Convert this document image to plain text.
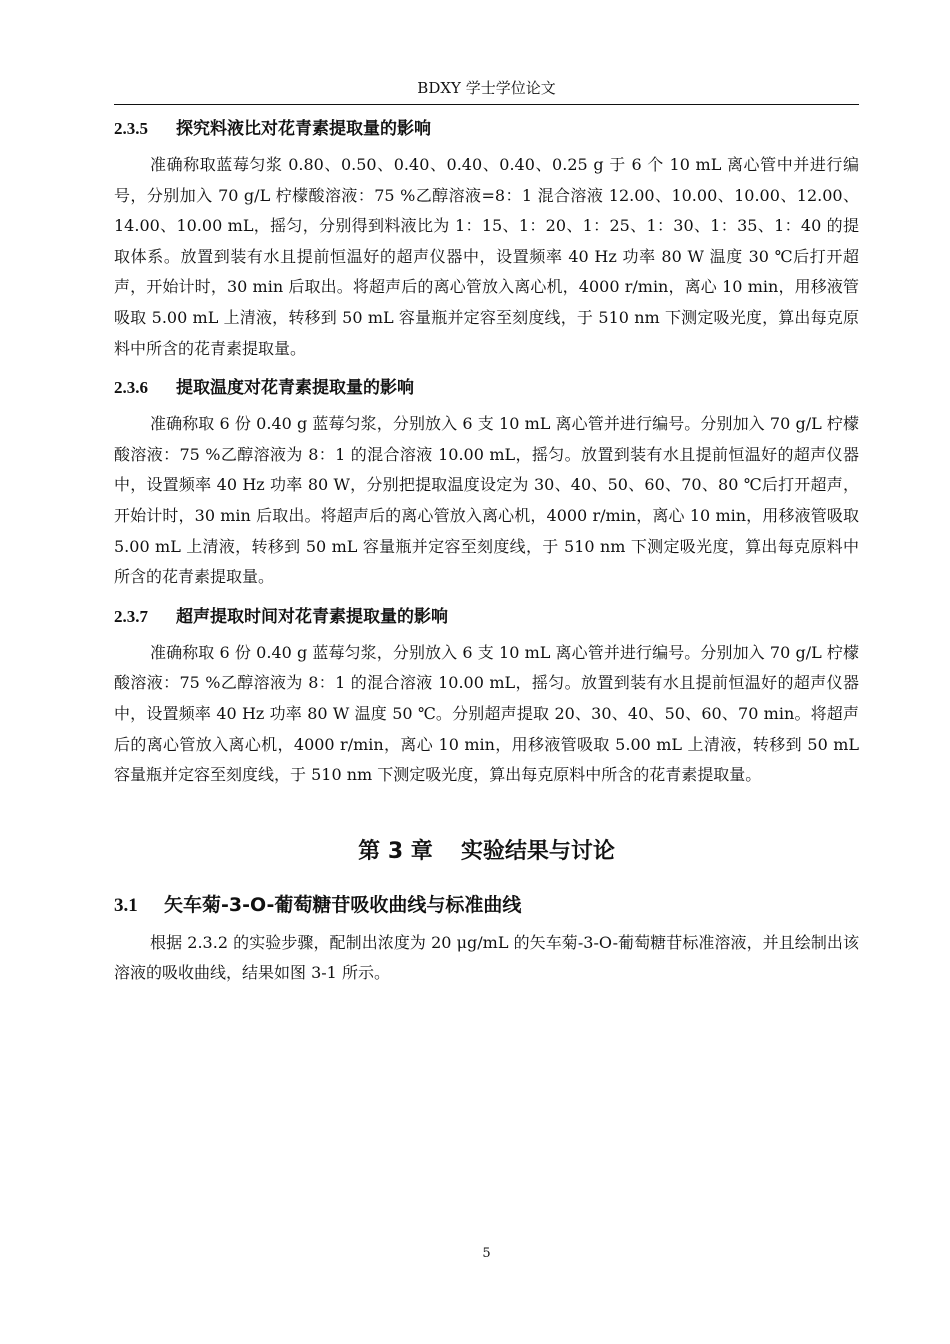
BDXY 学士学位论文
2.3.5 探究料液比对花青素提取量的影响

准确称取蓝莓匀浆 0.80、0.50、0.40、0.40、0.40、0.25 g 于 6 个 10 mL 离心管中并进行编号，分别加入 70 g/L 柠檬酸溶液：75 %乙醇溶液=8：1 混合溶液 12.00、10.00、10.00、12.00、14.00、10.00 mL，摇匀，分别得到料液比为 1：15、1：20、1：25、1：30、1：35、1：40 的提取体系。放置到装有水且提前恒温好的超声仪器中，设置频率 40 Hz 功率 80 W 温度 30 ℃后打开超声，开始计时，30 min 后取出。将超声后的离心管放入离心机，4000 r/min，离心 10 min，用移液管吸取 5.00 mL 上清液，转移到 50 mL 容量瓶并定容至刻度线，于 510 nm 下测定吸光度，算出每克原料中所含的花青素提取量。

2.3.6 提取温度对花青素提取量的影响

准确称取 6 份 0.40 g 蓝莓匀浆，分别放入 6 支 10 mL 离心管并进行编号。分别加入 70 g/L 柠檬酸溶液：75 %乙醇溶液为 8：1 的混合溶液 10.00 mL，摇匀。放置到装有水且提前恒温好的超声仪器中，设置频率 40 Hz 功率 80 W，分别把提取温度设定为 30、40、50、60、70、80 ℃后打开超声，开始计时，30 min 后取出。将超声后的离心管放入离心机，4000 r/min，离心 10 min，用移液管吸取 5.00 mL 上清液，转移到 50 mL 容量瓶并定容至刻度线，于 510 nm 下测定吸光度，算出每克原料中所含的花青素提取量。

2.3.7 超声提取时间对花青素提取量的影响

准确称取 6 份 0.40 g 蓝莓匀浆，分别放入 6 支 10 mL 离心管并进行编号。分别加入 70 g/L 柠檬酸溶液：75 %乙醇溶液为 8：1 的混合溶液 10.00 mL，摇匀。放置到装有水且提前恒温好的超声仪器中，设置频率 40 Hz 功率 80 W 温度 50 ℃。分别超声提取 20、30、40、50、60、70 min。将超声后的离心管放入离心机，4000 r/min，离心 10 min，用移液管吸取 5.00 mL 上清液，转移到 50 mL 容量瓶并定容至刻度线，于 510 nm 下测定吸光度，算出每克原料中所含的花青素提取量。

第 3 章 实验结果与讨论
3.1 矢车菊-3-O-葡萄糖苷吸收曲线与标准曲线

根据 2.3.2 的实验步骤，配制出浓度为 20 μg/mL 的矢车菊-3-O-葡萄糖苷标准溶液，并且绘制出该溶液的吸收曲线，结果如图 3-1 所示。

5
